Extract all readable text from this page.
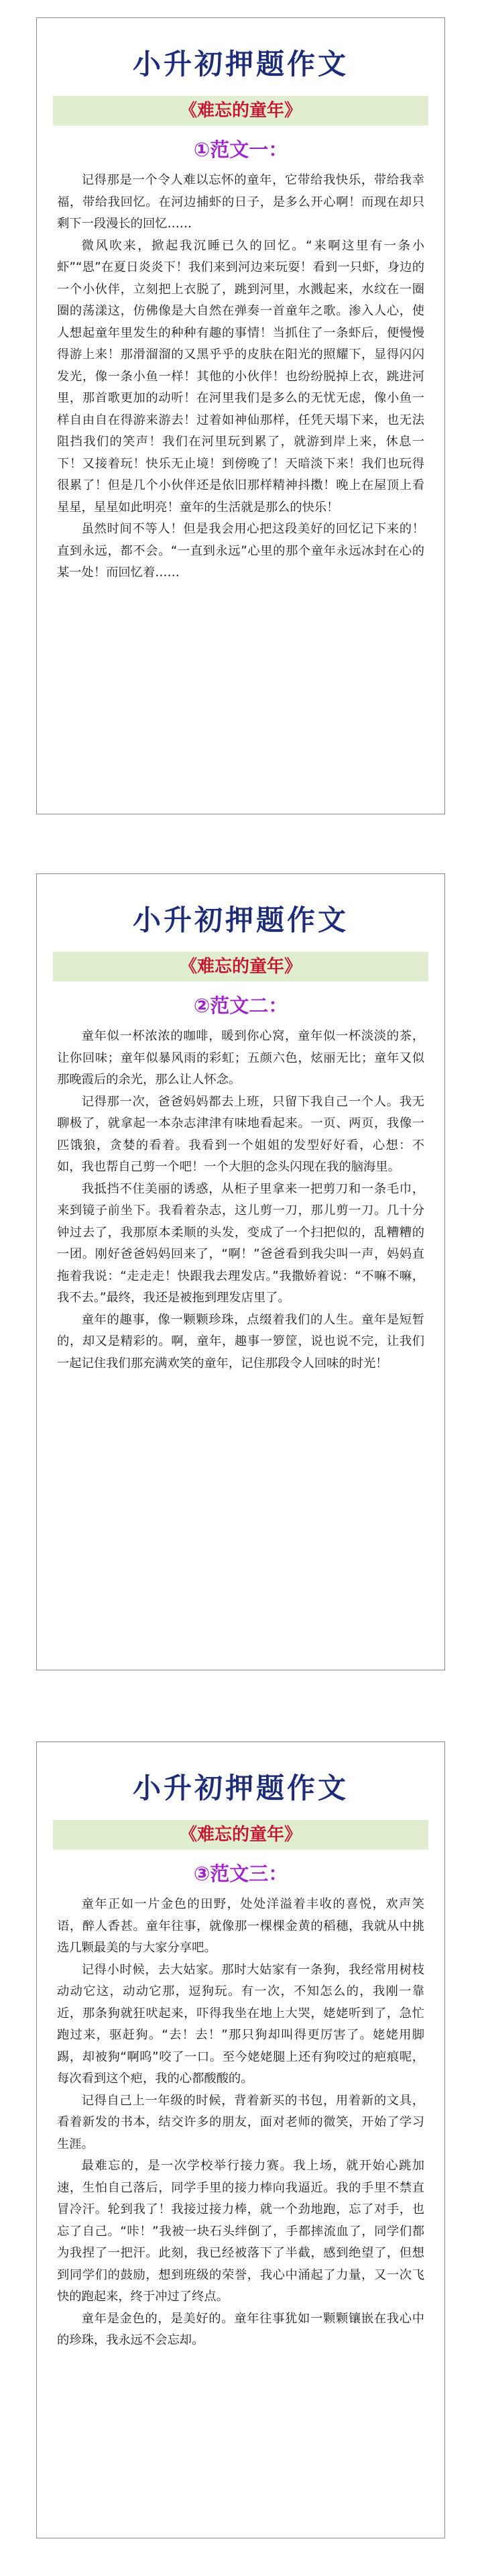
小升初押题作文
《难忘的童年》
①范文一：

记得那是一个令人难以忘怀的童年，它带给我快乐，带给我幸福，带给我回忆。在河边捕虾的日子，是多么开心啊！而现在却只剩下一段漫长的回忆……

微风吹来，掀起我沉睡已久的回忆。“来啊这里有一条小虾”“恩”在夏日炎炎下！我们来到河边来玩耍！看到一只虾，身边的一个小伙伴，立刻把上衣脱了，跳到河里，水溅起来，水纹在一圈圈的荡漾这，仿佛像是大自然在弹奏一首童年之歌。渗入人心，使人想起童年里发生的种种有趣的事情！当抓住了一条虾后，便慢慢得游上来！那滑溜溜的又黑乎乎的皮肤在阳光的照耀下，显得闪闪发光，像一条小鱼一样！其他的小伙伴！也纷纷脱掉上衣，跳进河里，那首歌更加的动听！在河里我们是多么的无忧无虑，像小鱼一样自由自在得游来游去！过着如神仙那样，任凭天塌下来，也无法阻挡我们的笑声！我们在河里玩到累了，就游到岸上来，休息一下！又接着玩！快乐无止境！到傍晚了！天暗淡下来！我们也玩得很累了！但是几个小伙伴还是依旧那样精神抖擞！晚上在屋顶上看星星，星星如此明亮！童年的生活就是那么的快乐！

虽然时间不等人！但是我会用心把这段美好的回忆记下来的！直到永远，都不会。“一直到永远”心里的那个童年永远冰封在心的某一处！而回忆着……

小升初押题作文
《难忘的童年》
②范文二：

童年似一杯浓浓的咖啡，暖到你心窝，童年似一杯淡淡的茶，让你回味；童年似暴风雨的彩虹；五颜六色，炫丽无比；童年又似那晚霞后的余光，那么让人怀念。

记得那一次，爸爸妈妈都去上班，只留下我自己一个人。我无聊极了，就拿起一本杂志津津有味地看起来。一页、两页，我像一匹饿狼，贪婪的看着。我看到一个姐姐的发型好好看，心想：不如，我也帮自己剪一个吧！一个大胆的念头闪现在我的脑海里。

我抵挡不住美丽的诱惑，从柜子里拿来一把剪刀和一条毛巾，来到镜子前坐下。我看着杂志，这儿剪一刀，那儿剪一刀。几十分钟过去了，我那原本柔顺的头发，变成了一个扫把似的，乱糟糟的一团。刚好爸爸妈妈回来了，“啊！”爸爸看到我尖叫一声，妈妈直拖着我说：“走走走！快跟我去理发店。”我撒娇着说：“不嘛不嘛，我不去。”最终，我还是被拖到理发店里了。

童年的趣事，像一颗颗珍珠，点缀着我们的人生。童年是短暂的，却又是精彩的。啊，童年，趣事一箩筐，说也说不完，让我们一起记住我们那充满欢笑的童年，记住那段令人回味的时光！

小升初押题作文
《难忘的童年》
③范文三：

童年正如一片金色的田野，处处洋溢着丰收的喜悦，欢声笑语，醉人香甚。童年往事，就像那一棵棵金黄的稻穗，我就从中挑选几颗最美的与大家分享吧。

记得小时候，去大姑家。那时大姑家有一条狗，我经常用树枝动动它这，动动它那，逗狗玩。有一次，不知怎么的，我刚一靠近，那条狗就狂吠起来，吓得我坐在地上大哭，姥姥听到了，急忙跑过来，驱赶狗。“去！去！”那只狗却叫得更厉害了。姥姥用脚踢，却被狗“啊呜”咬了一口。至今姥姥腿上还有狗咬过的疤痕呢，每次看到这个疤，我的心都酸酸的。

记得自己上一年级的时候，背着新买的书包，用着新的文具，看着新发的书本，结交许多的朋友，面对老师的微笑，开始了学习生涯。

最难忘的，是一次学校举行接力赛。我上场，就开始心跳加速，生怕自己落后，同学手里的接力棒向我逼近。我的手里不禁直冒冷汗。轮到我了！我接过接力棒，就一个劲地跑，忘了对手，也忘了自己。“咔！”我被一块石头绊倒了，手都摔流血了，同学们都为我捏了一把汗。此刻，我已经被落下了半截，感到绝望了，但想到同学们的鼓励，想到班级的荣誉，我心中涌起了力量，又一次飞快的跑起来，终于冲过了终点。

童年是金色的，是美好的。童年往事犹如一颗颗镶嵌在我心中的珍珠，我永远不会忘却。
